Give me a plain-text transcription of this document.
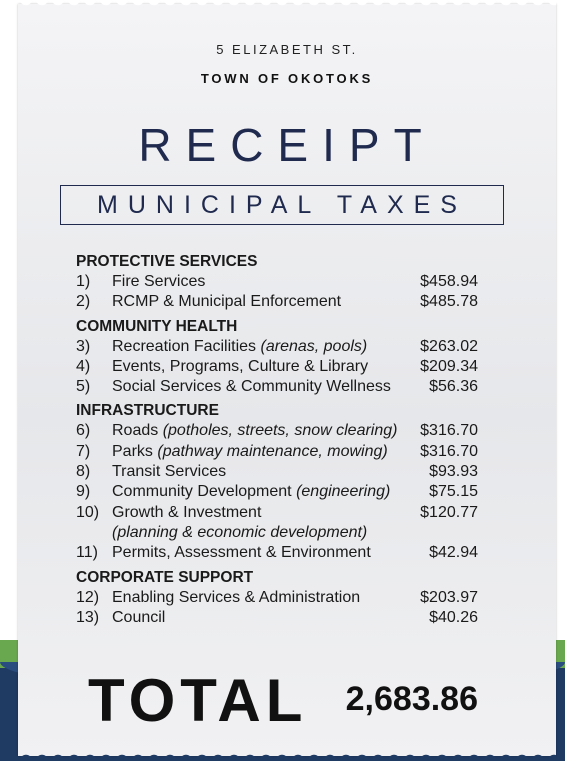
5 ELIZABETH ST.
TOWN OF OKOTOKS
RECEIPT
MUNICIPAL TAXES
PROTECTIVE SERVICES
1) Fire Services	$458.94
2) RCMP & Municipal Enforcement	$485.78
COMMUNITY HEALTH
3) Recreation Facilities (arenas, pools)	$263.02
4) Events, Programs, Culture & Library	$209.34
5) Social Services & Community Wellness $56.36
INFRASTRUCTURE
6) Roads (potholes, streets, snow clearing) $316.70
7) Parks (pathway maintenance, mowing) $316.70
8) Transit Services	$93.93
9) Community Development (engineering) $75.15
10) Growth & Investment	$120.77
(planning & economic development)
11) Permits, Assessment & Environment	$42.94
CORPORATE SUPPORT
12) Enabling Services & Administration	$203.97
13) Council	$40.26
TOTAL 2,683.86
